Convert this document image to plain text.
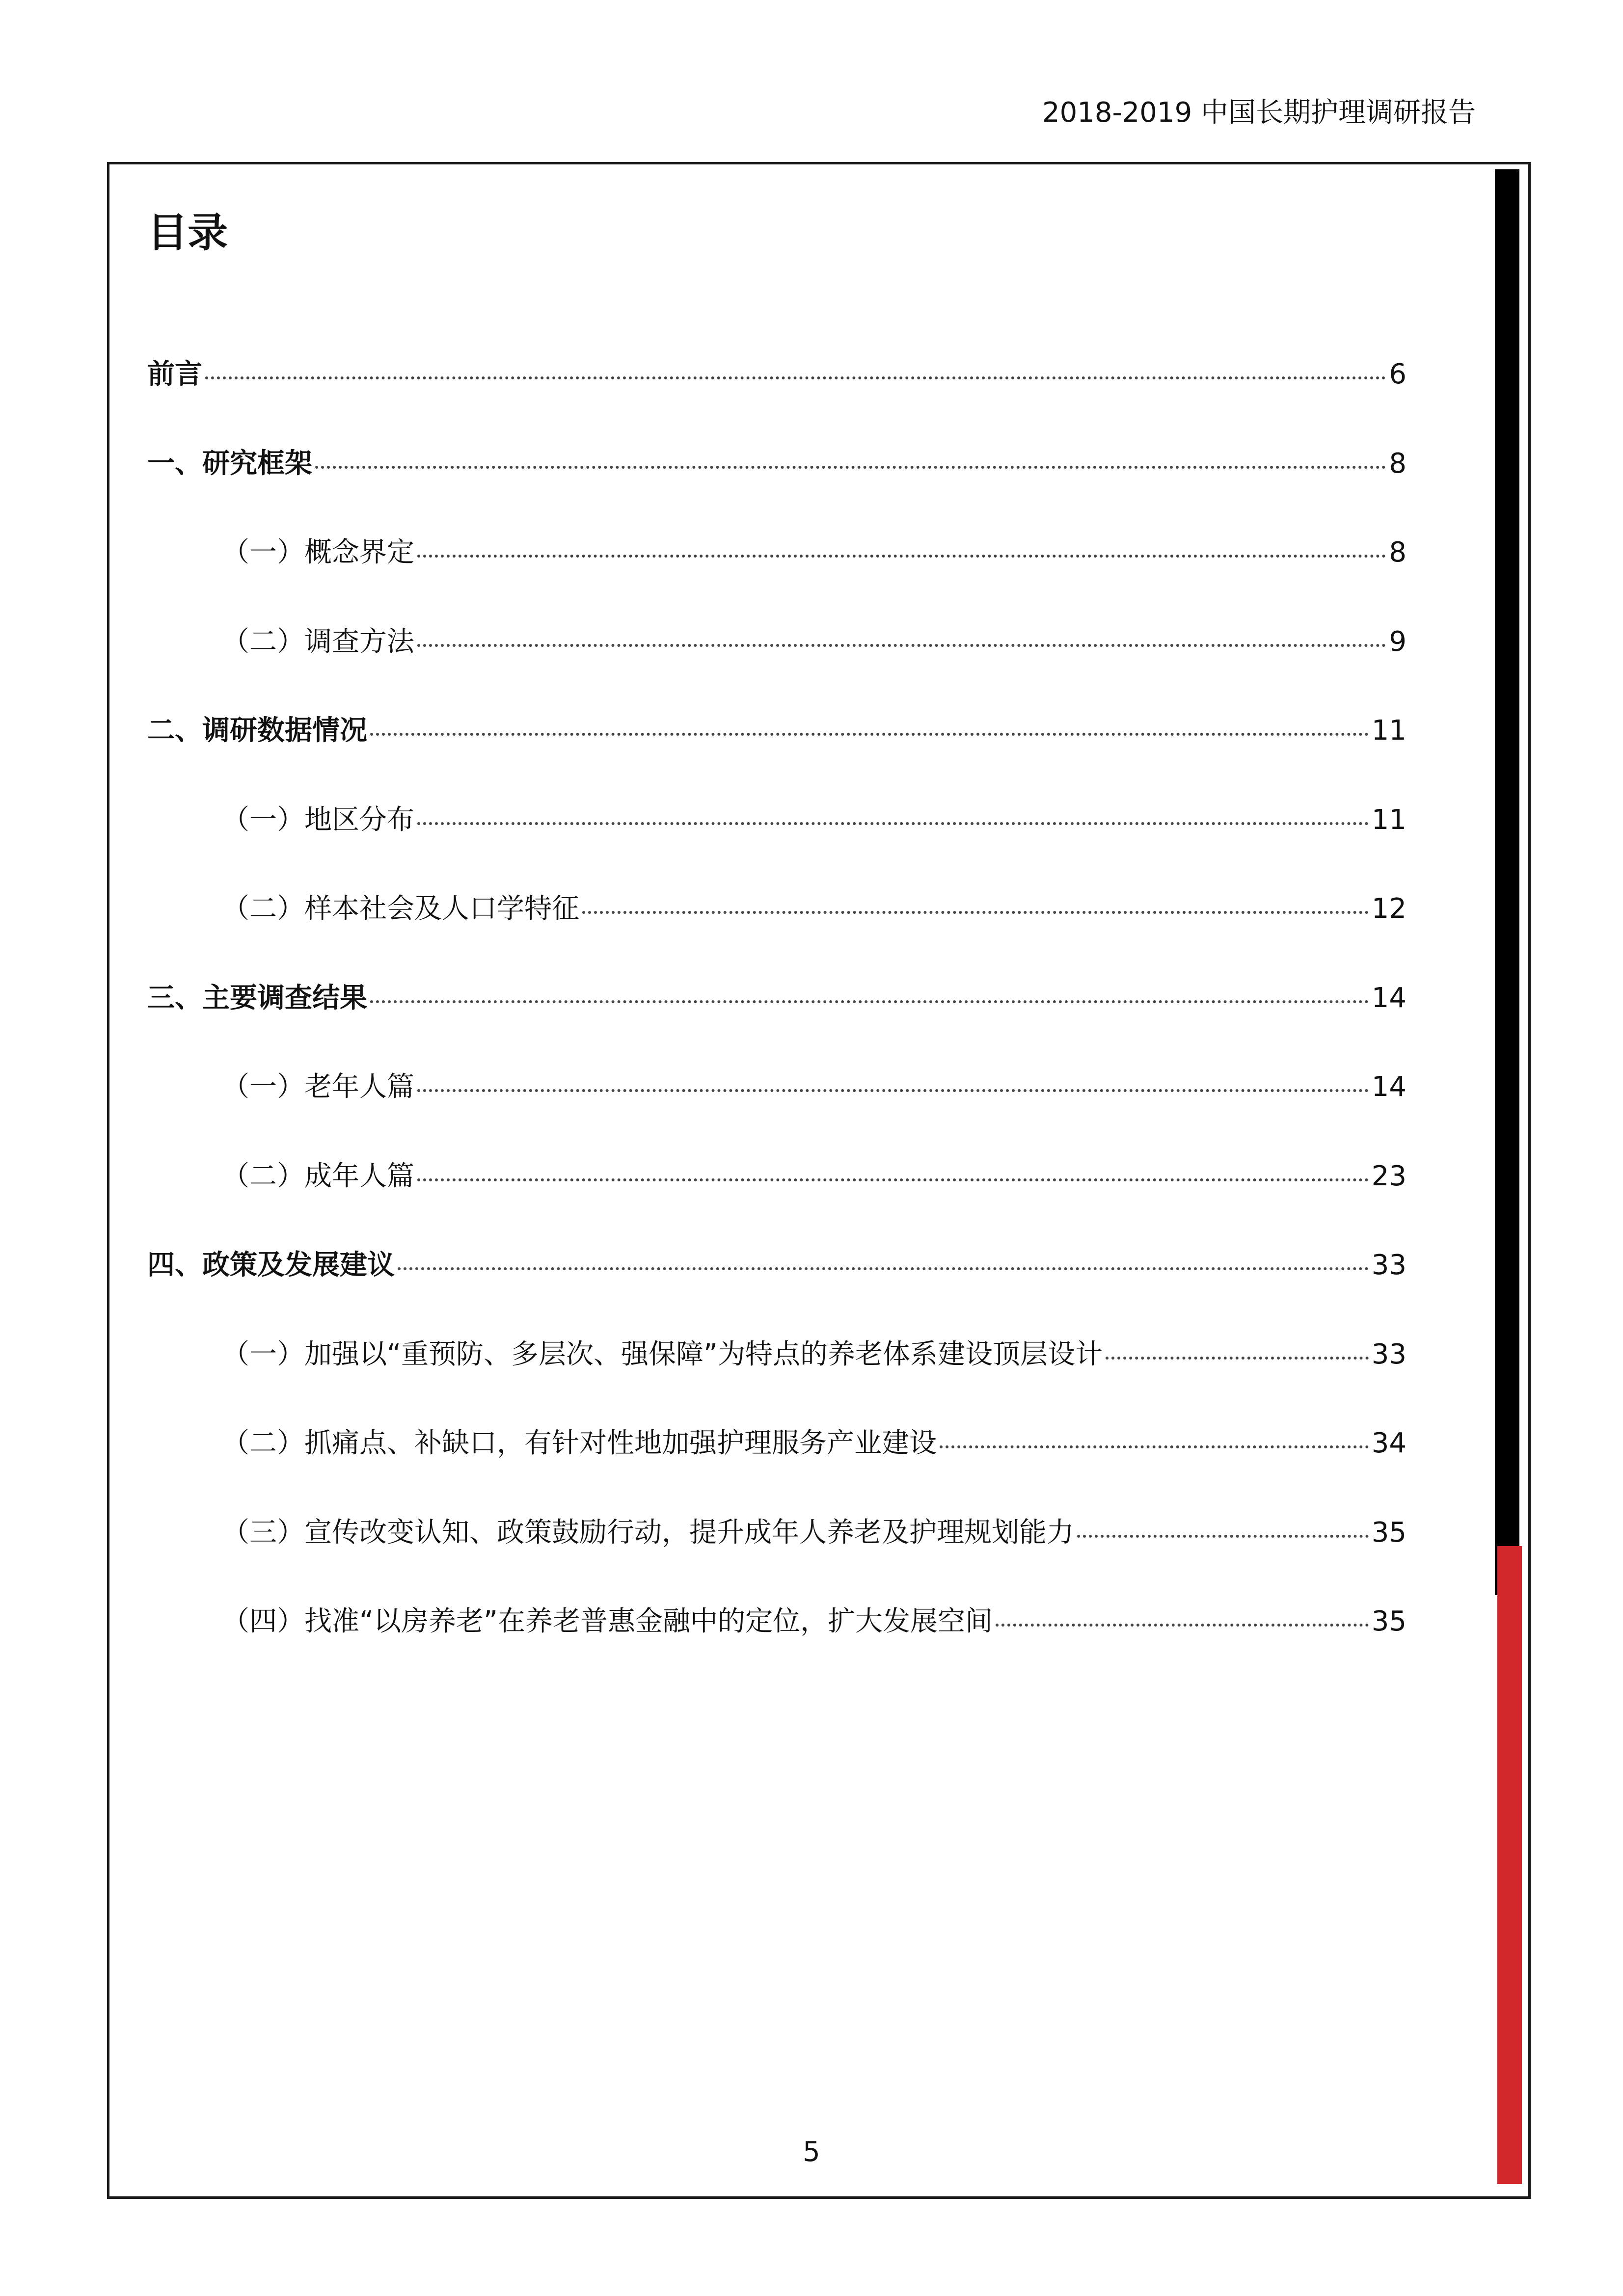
2018-2019 中国长期护理调研报告
目录
前言	6
一、研究框架	8
（一）概念界定	8
（二）调查方法	9
二、调研数据情况	11
（一）地区分布	11
（二）样本社会及人口学特征	12
三、主要调查结果	14
（一）老年人篇	14
（二）成年人篇	23
四、政策及发展建议	33
（一）加强以“重预防、多层次、强保障”为特点的养老体系建设顶层设计	33
（二）抓痛点、补缺口，有针对性地加强护理服务产业建设	34
（三）宣传改变认知、政策鼓励行动，提升成年人养老及护理规划能力	35
（四）找准“以房养老”在养老普惠金融中的定位，扩大发展空间	35
5
